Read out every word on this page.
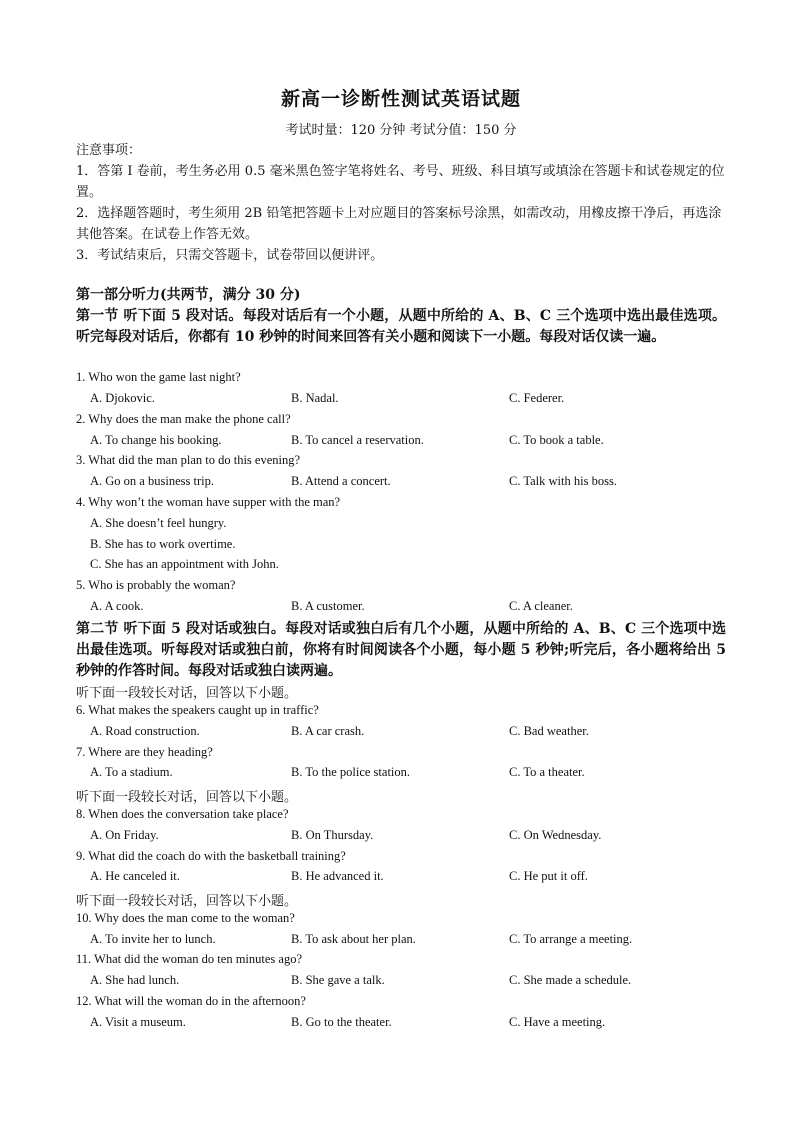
新高一诊断性测试英语试题
考试时量：120 分钟 考试分值：150 分
注意事项：
1．答第 I 卷前，考生务必用 0.5 毫米黑色签字笔将姓名、考号、班级、科目填写或填涂在答题卡和试卷规定的位置。
2．选择题答题时，考生须用 2B 铅笔把答题卡上对应题目的答案标号涂黑，如需改动，用橡皮擦干净后，再选涂其他答案。在试卷上作答无效。
3．考试结束后，只需交答题卡，试卷带回以便讲评。
第一部分听力(共两节，满分 30 分)
第一节 听下面 5 段对话。每段对话后有一个小题，从题中所给的 A、B、C 三个选项中选出最佳选项。听完每段对话后，你都有 10 秒钟的时间来回答有关小题和阅读下一小题。每段对话仅读一遍。
1. Who won the game last night?
A. Djokovic.	B. Nadal.	C. Federer.
2. Why does the man make the phone call?
A. To change his booking.	B. To cancel a reservation.	C. To book a table.
3. What did the man plan to do this evening?
A. Go on a business trip.	B. Attend a concert.	C. Talk with his boss.
4. Why won’t the woman have supper with the man?
A. She doesn’t feel hungry.
B. She has to work overtime.
C. She has an appointment with John.
5. Who is probably the woman?
A. A cook.	B. A customer.	C. A cleaner.
第二节 听下面 5 段对话或独白。每段对话或独白后有几个小题，从题中所给的 A、B、C 三个选项中选出最佳选项。听每段对话或独白前，你将有时间阅读各个小题，每小题 5 秒钟;听完后，各小题将给出 5 秒钟的作答时间。每段对话或独白读两遍。
听下面一段较长对话，回答以下小题。
6. What makes the speakers caught up in traffic?
A. Road construction.	B. A car crash.	C. Bad weather.
7. Where are they heading?
A. To a stadium.	B. To the police station.	C. To a theater.
听下面一段较长对话，回答以下小题。
8. When does the conversation take place?
A. On Friday.	B. On Thursday.	C. On Wednesday.
9. What did the coach do with the basketball training?
A. He canceled it.	B. He advanced it.	C. He put it off.
听下面一段较长对话，回答以下小题。
10. Why does the man come to the woman?
A. To invite her to lunch.	B. To ask about her plan.	C. To arrange a meeting.
11. What did the woman do ten minutes ago?
A. She had lunch.	B. She gave a talk.	C. She made a schedule.
12. What will the woman do in the afternoon?
A. Visit a museum.	B. Go to the theater.	C. Have a meeting.
